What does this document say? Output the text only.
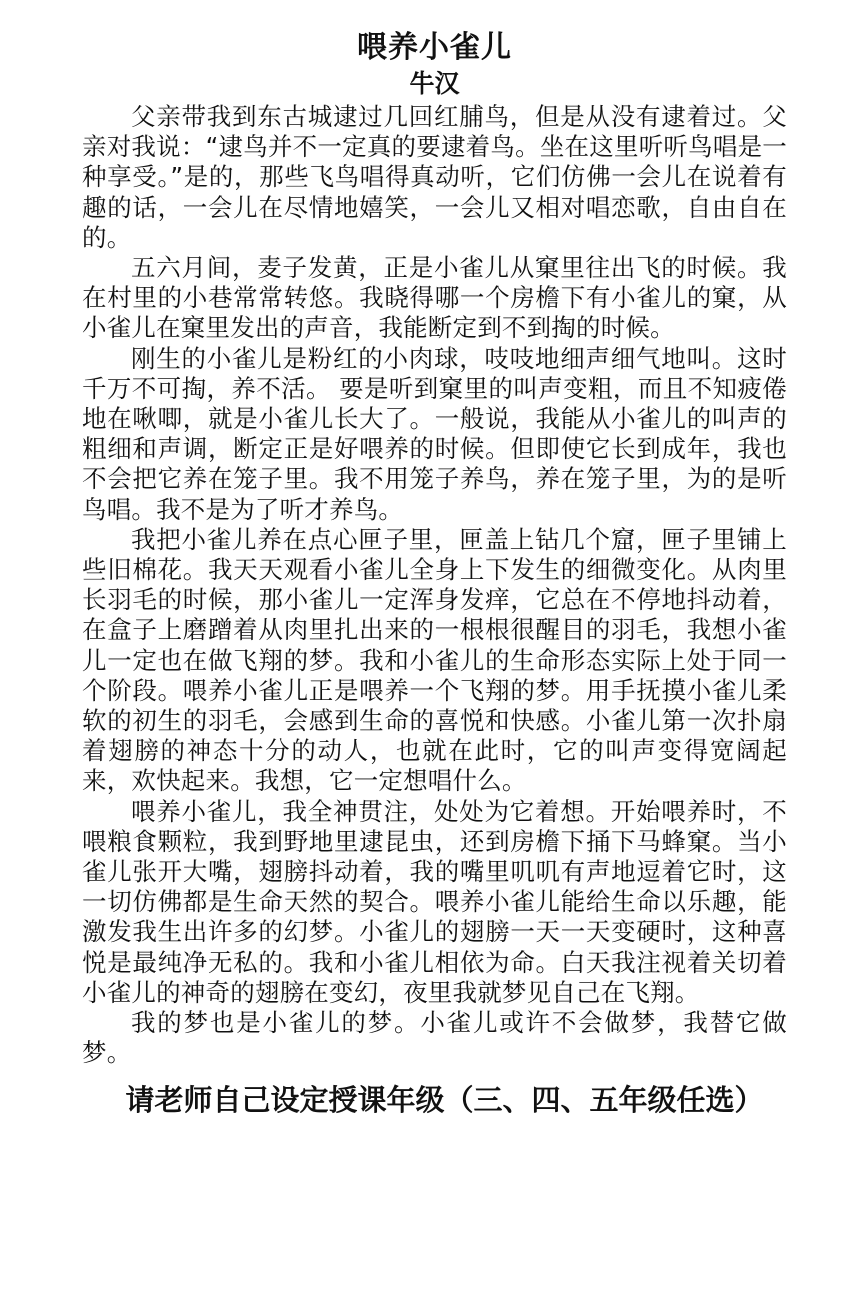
喂养小雀儿
牛汉

父亲带我到东古城逮过几回红脯鸟，但是从没有逮着过。父亲对我说：“逮鸟并不一定真的要逮着鸟。坐在这里听听鸟唱是一种享受。”是的，那些飞鸟唱得真动听，它们仿佛一会儿在说着有趣的话，一会儿在尽情地嬉笑，一会儿又相对唱恋歌，自由自在的。

五六月间，麦子发黄，正是小雀儿从窠里往出飞的时候。我在村里的小巷常常转悠。我晓得哪一个房檐下有小雀儿的窠，从小雀儿在窠里发出的声音，我能断定到不到掏的时候。

刚生的小雀儿是粉红的小肉球，吱吱地细声细气地叫。这时千万不可掏，养不活。 要是听到窠里的叫声变粗，而且不知疲倦地在啾唧，就是小雀儿长大了。一般说，我能从小雀儿的叫声的粗细和声调，断定正是好喂养的时候。但即使它长到成年，我也不会把它养在笼子里。我不用笼子养鸟，养在笼子里，为的是听鸟唱。我不是为了听才养鸟。

我把小雀儿养在点心匣子里，匣盖上钻几个窟，匣子里铺上些旧棉花。我天天观看小雀儿全身上下发生的细微变化。从肉里长羽毛的时候，那小雀儿一定浑身发痒，它总在不停地抖动着，在盒子上磨蹭着从肉里扎出来的一根根很醒目的羽毛，我想小雀儿一定也在做飞翔的梦。我和小雀儿的生命形态实际上处于同一个阶段。喂养小雀儿正是喂养一个飞翔的梦。用手抚摸小雀儿柔软的初生的羽毛，会感到生命的喜悦和快感。小雀儿第一次扑扇着翅膀的神态十分的动人，也就在此时，它的叫声变得宽阔起来，欢快起来。我想，它一定想唱什么。

喂养小雀儿，我全神贯注，处处为它着想。开始喂养时，不喂粮食颗粒，我到野地里逮昆虫，还到房檐下捅下马蜂窠。当小雀儿张开大嘴，翅膀抖动着，我的嘴里叽叽有声地逗着它时，这一切仿佛都是生命天然的契合。喂养小雀儿能给生命以乐趣，能激发我生出许多的幻梦。小雀儿的翅膀一天一天变硬时，这种喜悦是最纯净无私的。我和小雀儿相依为命。白天我注视着关切着小雀儿的神奇的翅膀在变幻，夜里我就梦见自己在飞翔。

我的梦也是小雀儿的梦。小雀儿或许不会做梦，我替它做梦。

请老师自己设定授课年级（三、四、五年级任选）
